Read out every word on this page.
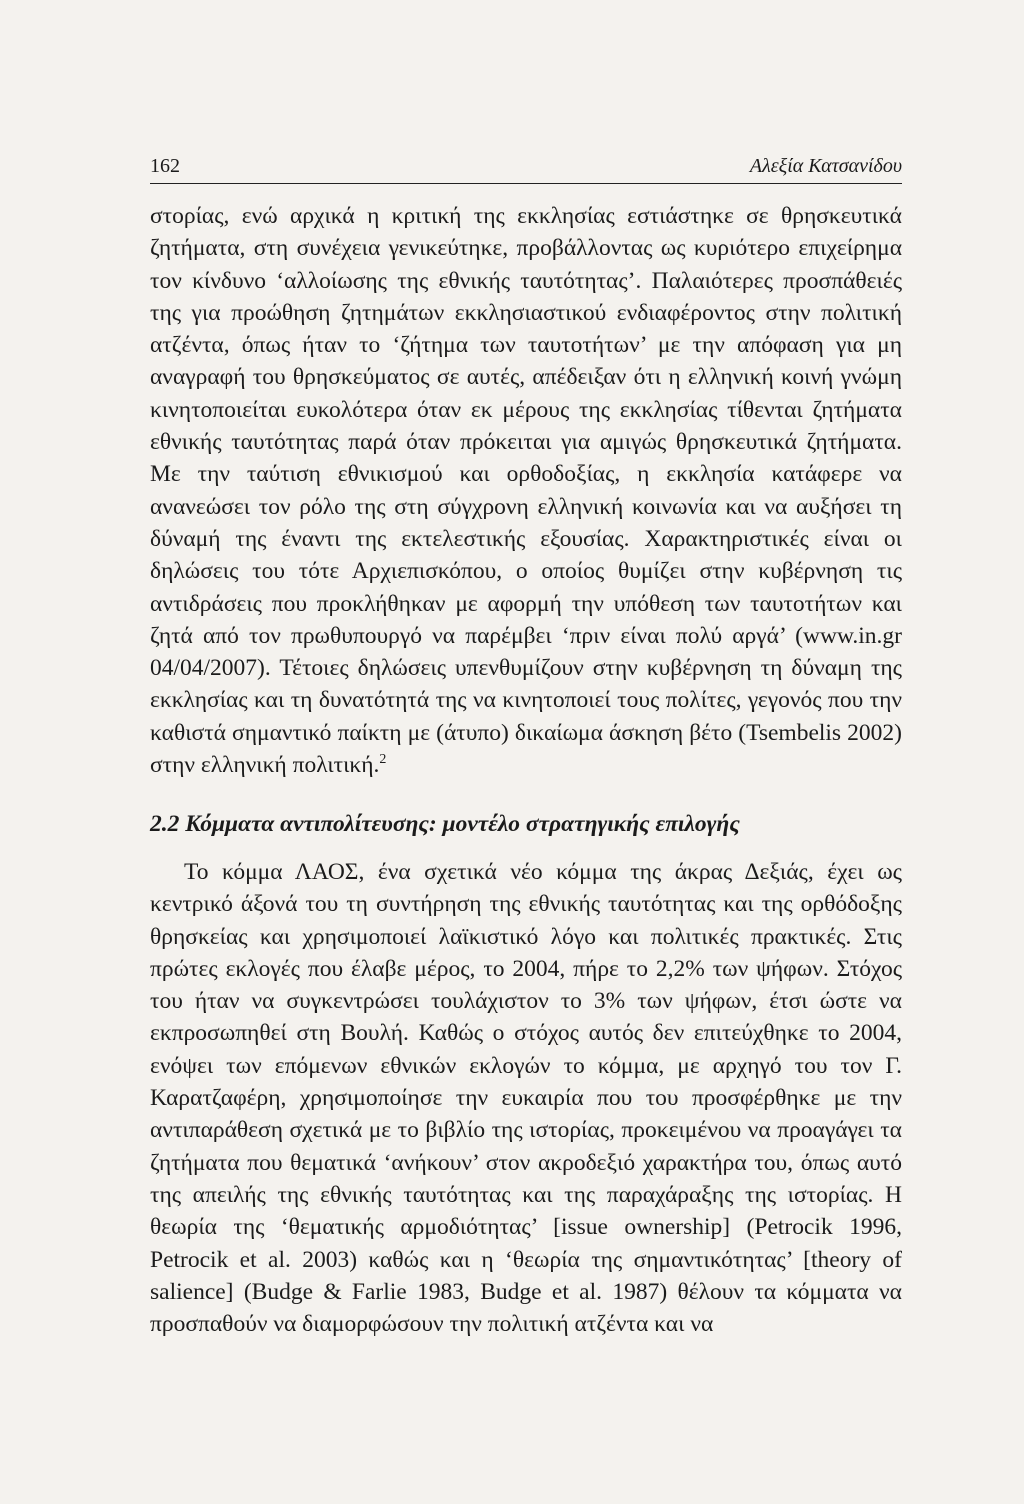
162	Αλεξία Κατσανίδου

στορίας, ενώ αρχικά η κριτική της εκκλησίας εστιάστηκε σε θρησκευτικά ζητήματα, στη συνέχεια γενικεύτηκε, προβάλλοντας ως κυριότερο επιχείρημα τον κίνδυνο ‘αλλοίωσης της εθνικής ταυτότητας’. Παλαιότερες προσπάθειές της για προώθηση ζητημάτων εκκλησιαστικού ενδιαφέροντος στην πολιτική ατζέντα, όπως ήταν το ‘ζήτημα των ταυτοτήτων’ με την απόφαση για μη αναγραφή του θρησκεύματος σε αυτές, απέδειξαν ότι η ελληνική κοινή γνώμη κινητοποιείται ευκολότερα όταν εκ μέρους της εκκλησίας τίθενται ζητήματα εθνικής ταυτότητας παρά όταν πρόκειται για αμιγώς θρησκευτικά ζητήματα. Με την ταύτιση εθνικισμού και ορθοδοξίας, η εκκλησία κατάφερε να ανανεώσει τον ρόλο της στη σύγχρονη ελληνική κοινωνία και να αυξήσει τη δύναμή της έναντι της εκτελεστικής εξουσίας. Χαρακτηριστικές είναι οι δηλώσεις του τότε Αρχιεπισκόπου, ο οποίος θυμίζει στην κυβέρνηση τις αντιδράσεις που προκλήθηκαν με αφορμή την υπόθεση των ταυτοτήτων και ζητά από τον πρωθυπουργό να παρέμβει ‘πριν είναι πολύ αργά’ (www.in.gr 04/04/2007). Τέτοιες δηλώσεις υπενθυμίζουν στην κυβέρνηση τη δύναμη της εκκλησίας και τη δυνατότητά της να κινητοποιεί τους πολίτες, γεγονός που την καθιστά σημαντικό παίκτη με (άτυπο) δικαίωμα άσκηση βέτο (Tsembelis 2002) στην ελληνική πολιτική.$^2$

2.2 Κόμματα αντιπολίτευσης: μοντέλο στρατηγικής επιλογής

Το κόμμα ΛΑΟΣ, ένα σχετικά νέο κόμμα της άκρας Δεξιάς, έχει ως κεντρικό άξονά του τη συντήρηση της εθνικής ταυτότητας και της ορθόδοξης θρησκείας και χρησιμοποιεί λαϊκιστικό λόγο και πολιτικές πρακτικές. Στις πρώτες εκλογές που έλαβε μέρος, το 2004, πήρε το 2,2% των ψήφων. Στόχος του ήταν να συγκεντρώσει τουλάχιστον το 3% των ψήφων, έτσι ώστε να εκπροσωπηθεί στη Βουλή. Καθώς ο στόχος αυτός δεν επιτεύχθηκε το 2004, ενόψει των επόμενων εθνικών εκλογών το κόμμα, με αρχηγό του τον Γ. Καρατζαφέρη, χρησιμοποίησε την ευκαιρία που του προσφέρθηκε με την αντιπαράθεση σχετικά με το βιβλίο της ιστορίας, προκειμένου να προαγάγει τα ζητήματα που θεματικά ‘ανήκουν’ στον ακροδεξιό χαρακτήρα του, όπως αυτό της απειλής της εθνικής ταυτότητας και της παραχάραξης της ιστορίας. Η θεωρία της ‘θεματικής αρμοδιότητας’ [issue ownership] (Petrocik 1996, Petrocik et al. 2003) καθώς και η ‘θεωρία της σημαντικότητας’ [theory of salience] (Budge & Farlie 1983, Budge et al. 1987) θέλουν τα κόμματα να προσπαθούν να διαμορφώσουν την πολιτική ατζέντα και να
